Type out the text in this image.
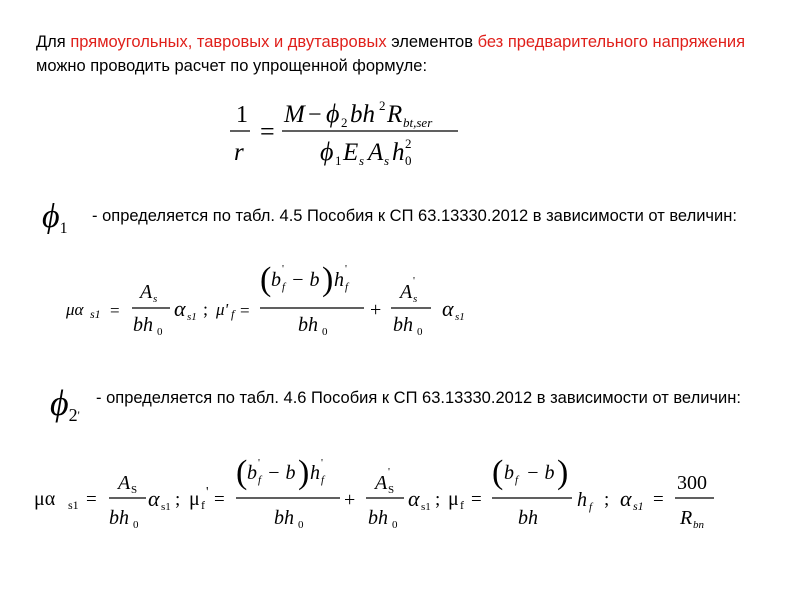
Для прямоугольных, тавровых и двутавровых элементов без предварительного напряжения можно проводить расчет по упрощенной формуле:
1
r
=
M − ϕ 2 bh 2 R bt,ser
ϕ 1 E s A s h 0
2
ϕ1
- определяется по табл. 4.5 Пособия к СП 63.13330.2012 в зависимости от величин:
μα s1 =
A s
bh 0
α s1 ; μ' f =
( b f
' − b ) h f
'
bh 0
+
A s
'
bh 0
α s1
ϕ2'
- определяется по табл. 4.6 Пособия к СП 63.13330.2012 в зависимости от величин:
μα s1 =
A S
bh 0
α s1 ; μ f
' =
( b f
' − b ) h f
'
bh 0
+
A S
'
bh 0
α s1 ; μ f =
( b f − b )
bh
h f ; α s1 =
300
R bn
